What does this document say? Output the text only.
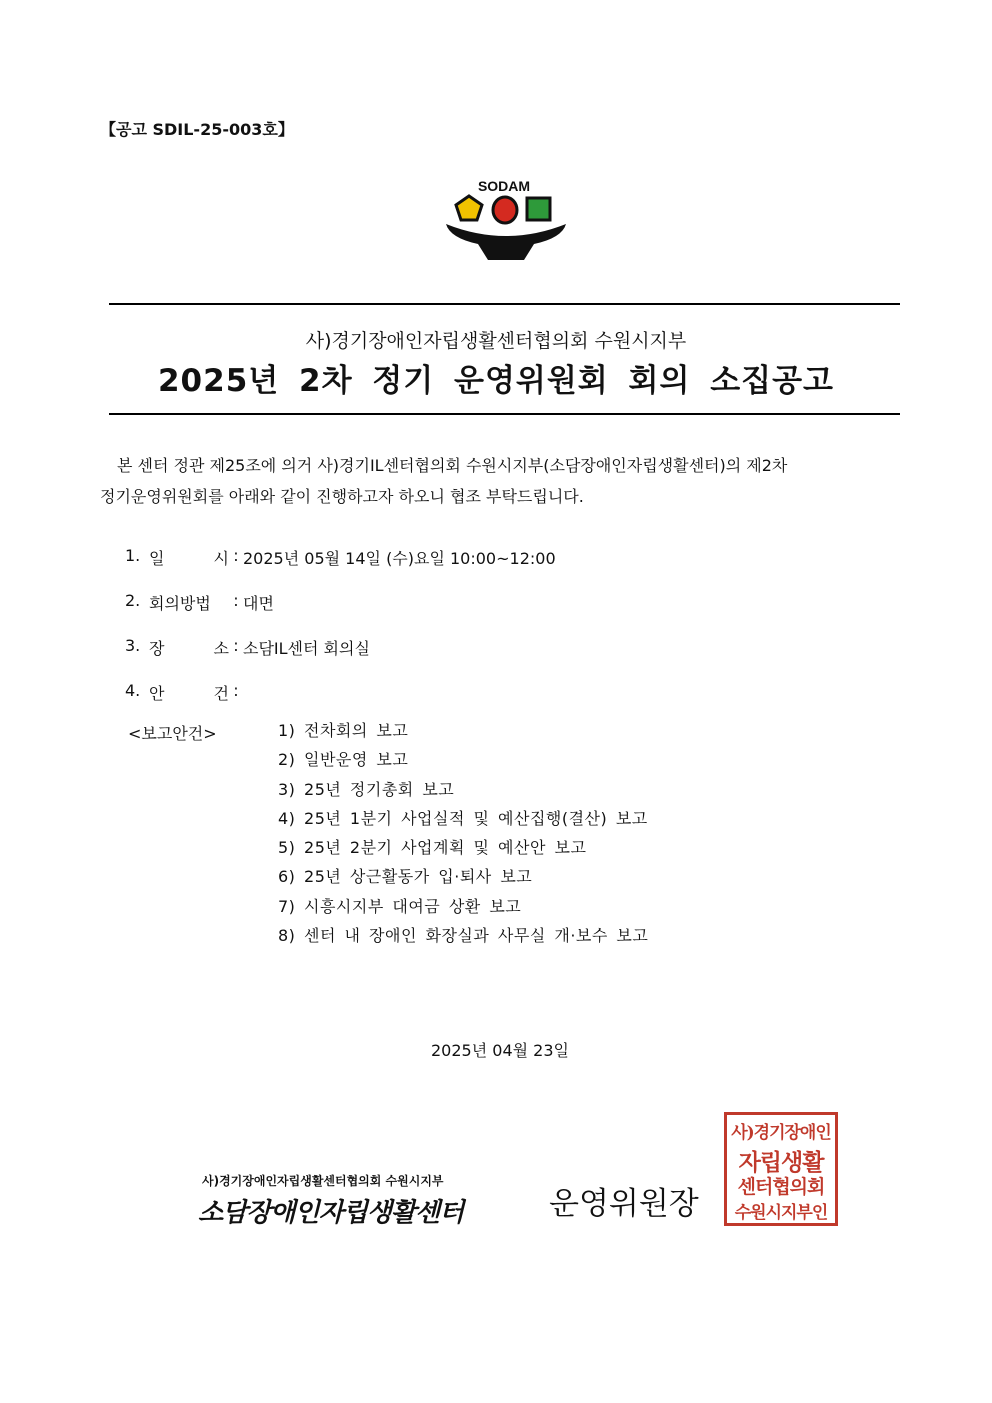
【공고 SDIL-25-003호】
SODAM
사)경기장애인자립생활센터협의회 수원시지부
2025년 2차 정기 운영위원회 회의 소집공고

본 센터 정관 제25조에 의거 사)경기IL센터협의회 수원시지부(소담장애인자립생활센터)의 제2차

정기운영위원회를 아래와 같이 진행하고자 하오니 협조 부탁드립니다.
1. 일	시 : 2025년 05월 14일 (수)요일 10:00~12:00
2. 회의방법 : 대면
3. 장	소 : 소담IL센터 회의실
4. 안	건 :
<보고안건>	1) 전차회의 보고
2) 일반운영 보고
3) 25년 정기총회 보고
4) 25년 1분기 사업실적 및 예산집행(결산) 보고
5) 25년 2분기 사업계획 및 예산안 보고
6) 25년 상근활동가 입·퇴사 보고
7) 시흥시지부 대여금 상환 보고
8) 센터 내 장애인 화장실과 사무실 개·보수 보고
2025년 04월 23일
사)경기장애인자립생활센터협의회 수원시지부
소담장애인자립생활센터	운영위원장
사)경기장애인
자립생활
센터협의회
수원시지부인
